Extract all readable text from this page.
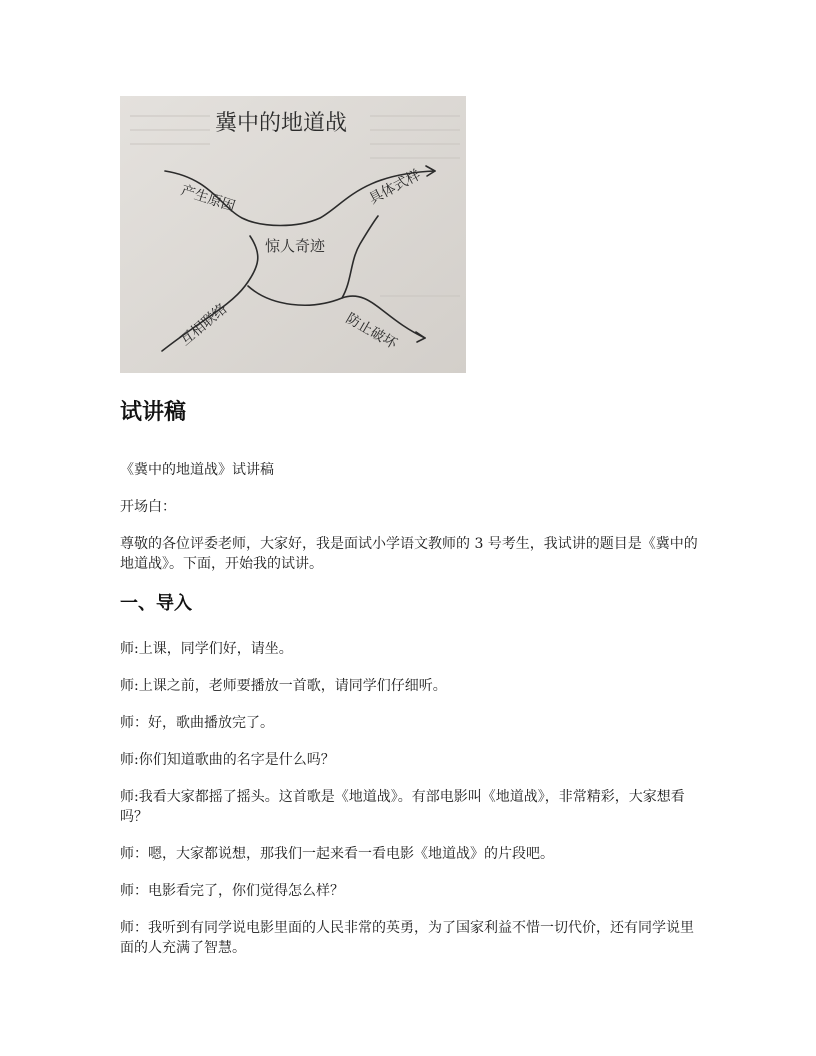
冀中的地道战
惊人奇迹
产生原因	具体式样
互相联络	防止破坏
试讲稿

《冀中的地道战》试讲稿

开场白：

尊敬的各位评委老师，大家好，我是面试小学语文教师的 3 号考生，我试讲的题目是《冀中的地道战》。下面，开始我的试讲。

一、导入

师:上课，同学们好，请坐。

师:上课之前，老师要播放一首歌，请同学们仔细听。

师：好，歌曲播放完了。

师:你们知道歌曲的名字是什么吗？

师:我看大家都摇了摇头。这首歌是《地道战》。有部电影叫《地道战》，非常精彩，大家想看吗？

师：嗯，大家都说想，那我们一起来看一看电影《地道战》的片段吧。

师：电影看完了，你们觉得怎么样？

师：我听到有同学说电影里面的人民非常的英勇，为了国家利益不惜一切代价，还有同学说里面的人充满了智慧。
